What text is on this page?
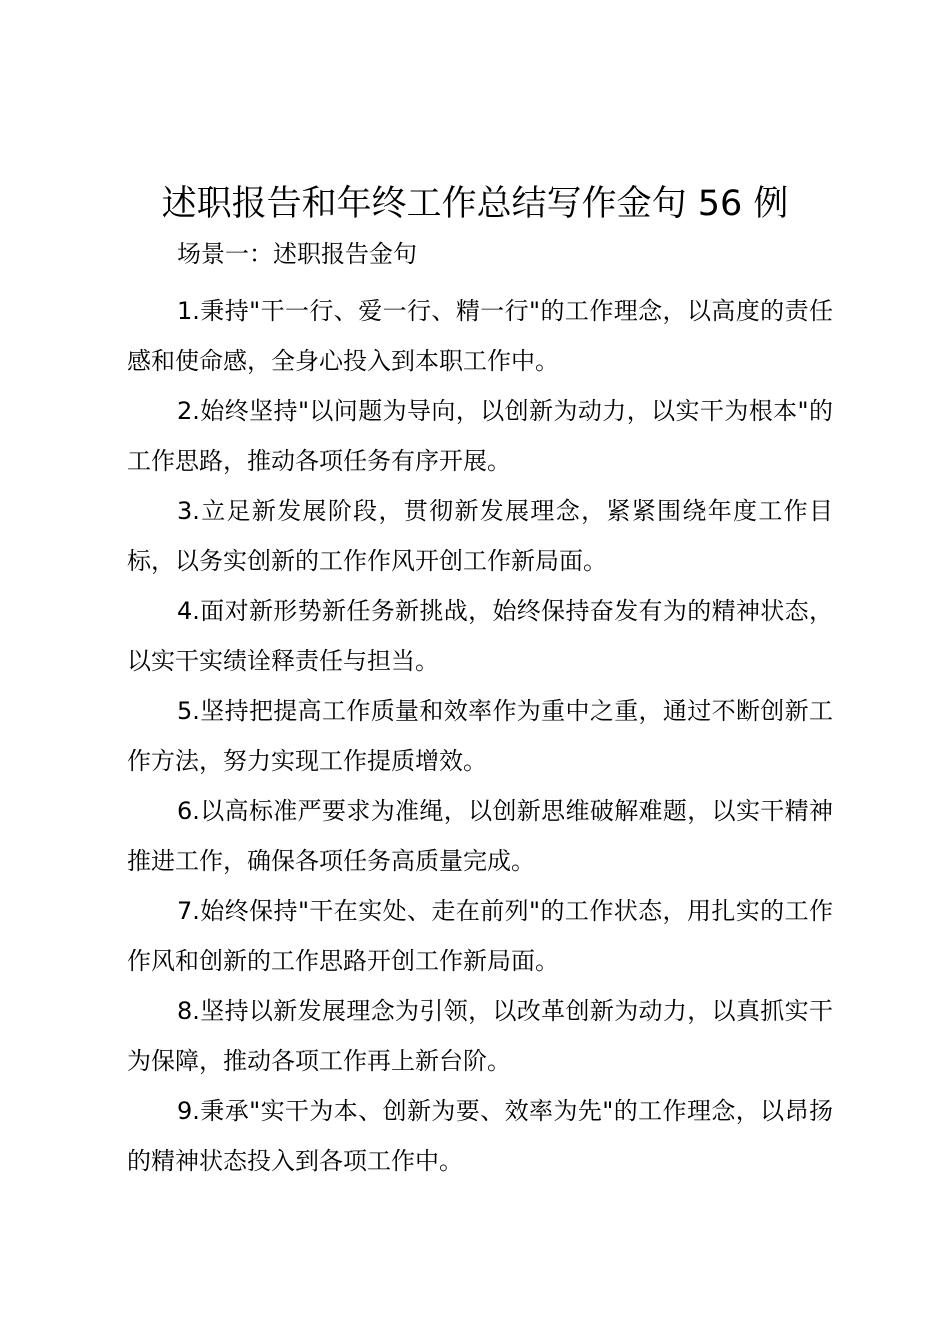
述职报告和年终工作总结写作金句 56 例
场景一：述职报告金句

1.秉持"干一行、爱一行、精一行"的工作理念，以高度的责任感和使命感，全身心投入到本职工作中。

2.始终坚持"以问题为导向，以创新为动力，以实干为根本"的工作思路，推动各项任务有序开展。

3.立足新发展阶段，贯彻新发展理念，紧紧围绕年度工作目标，以务实创新的工作作风开创工作新局面。

4.面对新形势新任务新挑战，始终保持奋发有为的精神状态，以实干实绩诠释责任与担当。

5.坚持把提高工作质量和效率作为重中之重，通过不断创新工作方法，努力实现工作提质增效。

6.以高标准严要求为准绳，以创新思维破解难题，以实干精神推进工作，确保各项任务高质量完成。

7.始终保持"干在实处、走在前列"的工作状态，用扎实的工作作风和创新的工作思路开创工作新局面。

8.坚持以新发展理念为引领，以改革创新为动力，以真抓实干为保障，推动各项工作再上新台阶。

9.秉承"实干为本、创新为要、效率为先"的工作理念，以昂扬的精神状态投入到各项工作中。
